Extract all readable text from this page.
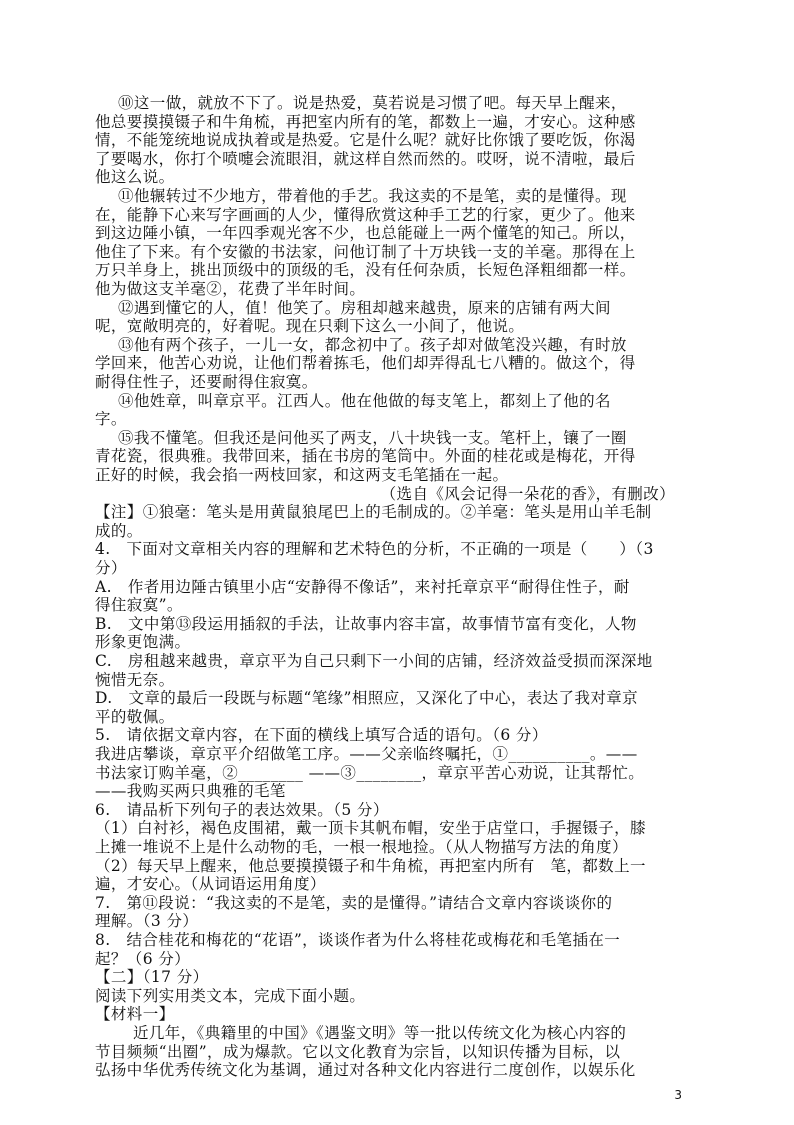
⑩这一做，就放不下了。说是热爱，莫若说是习惯了吧。每天早上醒来，
他总要摸摸镊子和牛角梳，再把室内所有的笔，都数上一遍，才安心。这种感
情，不能笼统地说成执着或是热爱。它是什么呢？就好比你饿了要吃饭，你渴
了要喝水，你打个喷嚏会流眼泪，就这样自然而然的。哎呀，说不清啦，最后
他这么说。
⑪他辗转过不少地方，带着他的手艺。我这卖的不是笔，卖的是懂得。现
在，能静下心来写字画画的人少，懂得欣赏这种手工艺的行家，更少了。他来
到这边陲小镇，一年四季观光客不少，也总能碰上一两个懂笔的知己。所以，
他住了下来。有个安徽的书法家，问他订制了十万块钱一支的羊毫。那得在上
万只羊身上，挑出顶级中的顶级的毛，没有任何杂质，长短色泽粗细都一样。
他为做这支羊毫②，花费了半年时间。
⑫遇到懂它的人，值！他笑了。房租却越来越贵，原来的店铺有两大间
呢，宽敞明亮的，好着呢。现在只剩下这么一小间了，他说。
⑬他有两个孩子，一儿一女，都念初中了。孩子却对做笔没兴趣，有时放
学回来，他苦心劝说，让他们帮着拣毛，他们却弄得乱七八糟的。做这个，得
耐得住性子，还要耐得住寂寞。
⑭他姓章，叫章京平。江西人。他在他做的每支笔上，都刻上了他的名
字。
⑮我不懂笔。但我还是问他买了两支，八十块钱一支。笔杆上，镶了一圈
青花瓷，很典雅。我带回来，插在书房的笔筒中。外面的桂花或是梅花，开得
正好的时候，我会掐一两枝回家，和这两支毛笔插在一起。
（选自《风会记得一朵花的香》，有删改）
【注】①狼毫：笔头是用黄鼠狼尾巴上的毛制成的。②羊毫：笔头是用山羊毛制
成的。
4.　下面对文章相关内容的理解和艺术特色的分析，不正确的一项是（　　）（3
分）
A.　作者用边陲古镇里小店“安静得不像话”，来衬托章京平“耐得住性子，耐
得住寂寞”。
B.　文中第⑬段运用插叙的手法，让故事内容丰富，故事情节富有变化，人物
形象更饱满。
C.　房租越来越贵，章京平为自己只剩下一小间的店铺，经济效益受损而深深地
惋惜无奈。
D.　文章的最后一段既与标题“笔缘”相照应，又深化了中心，表达了我对章京
平的敬佩。
5.　请依据文章内容，在下面的横线上填写合适的语句。（6 分）
我进店攀谈，章京平介绍做笔工序。——父亲临终嘱托，①__________。——
书法家订购羊毫，②________ ——③________，章京平苦心劝说，让其帮忙。
——我购买两只典雅的毛笔
6.　请品析下列句子的表达效果。（5 分）
（1）白衬衫，褐色皮围裙，戴一顶卡其帆布帽，安坐于店堂口，手握镊子，膝
上摊一堆说不上是什么动物的毛，一根一根地捡。（从人物描写方法的角度）
（2）每天早上醒来，他总要摸摸镊子和牛角梳，再把室内所有　笔，都数上一
遍，才安心。（从词语运用角度）
7.　第⑪段说：“我这卖的不是笔，卖的是懂得。”请结合文章内容谈谈你的
理解。（3 分）
8.　结合桂花和梅花的“花语”，谈谈作者为什么将桂花或梅花和毛笔插在一
起？（6 分）
【二】（17 分）
阅读下列实用类文本，完成下面小题。
【材料一】
近几年，《典籍里的中国》《遇鉴文明》等一批以传统文化为核心内容的
节目频频“出圈”，成为爆款。它以文化教育为宗旨，以知识传播为目标，以
弘扬中华优秀传统文化为基调，通过对各种文化内容进行二度创作，以娱乐化
3
